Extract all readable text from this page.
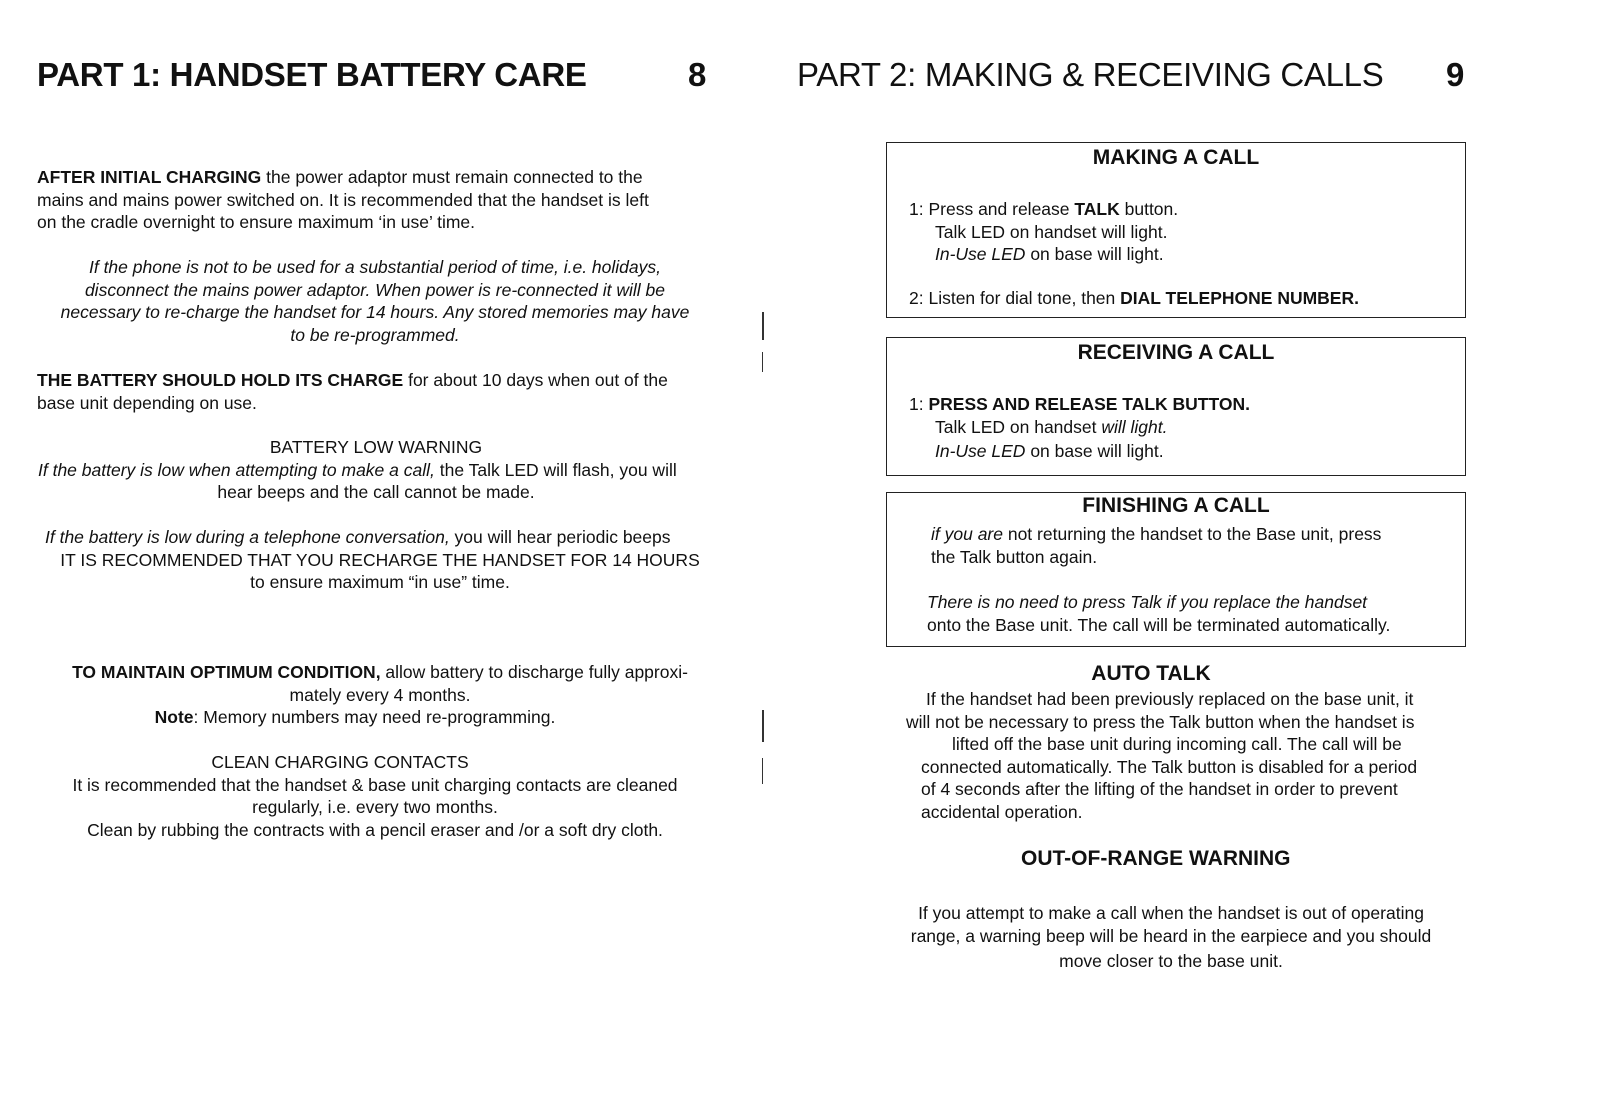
PART 1: HANDSET BATTERY CARE	8
AFTER INITIAL CHARGING the power adaptor must remain connected to the
mains and mains power switched on. It is recommended that the handset is left
on the cradle overnight to ensure maximum ‘in use’ time.
If the phone is not to be used for a substantial period of time, i.e. holidays,
disconnect the mains power adaptor. When power is re-connected it will be
necessary to re-charge the handset for 14 hours. Any stored memories may have
to be re-programmed.
THE BATTERY SHOULD HOLD ITS CHARGE for about 10 days when out of the
base unit depending on use.
BATTERY LOW WARNING
If the battery is low when attempting to make a call, the Talk LED will flash, you will
hear beeps and the call cannot be made.
If the battery is low during a telephone conversation, you will hear periodic beeps
IT IS RECOMMENDED THAT YOU RECHARGE THE HANDSET FOR 14 HOURS
to ensure maximum “in use” time.
TO MAINTAIN OPTIMUM CONDITION, allow battery to discharge fully approxi-
mately every 4 months.
Note: Memory numbers may need re-programming.
CLEAN CHARGING CONTACTS
It is recommended that the handset & base unit charging contacts are cleaned
regularly, i.e. every two months.
Clean by rubbing the contracts with a pencil eraser and /or a soft dry cloth.
PART 2: MAKING & RECEIVING CALLS 9
MAKING A CALL
1: Press and release TALK button.
Talk LED on handset will light.
In-Use LED on base will light.
2: Listen for dial tone, then DIAL TELEPHONE NUMBER.
RECEIVING A CALL
1: PRESS AND RELEASE TALK BUTTON.
Talk LED on handset will light.
In-Use LED on base will light.
FINISHING A CALL
if you are not returning the handset to the Base unit, press
the Talk button again.
There is no need to press Talk if you replace the handset
onto the Base unit. The call will be terminated automatically.
AUTO TALK
If the handset had been previously replaced on the base unit, it
will not be necessary to press the Talk button when the handset is
lifted off the base unit during incoming call. The call will be
connected automatically. The Talk button is disabled for a period
of 4 seconds after the lifting of the handset in order to prevent
accidental operation.
OUT-OF-RANGE WARNING
If you attempt to make a call when the handset is out of operating
range, a warning beep will be heard in the earpiece and you should
move closer to the base unit.
